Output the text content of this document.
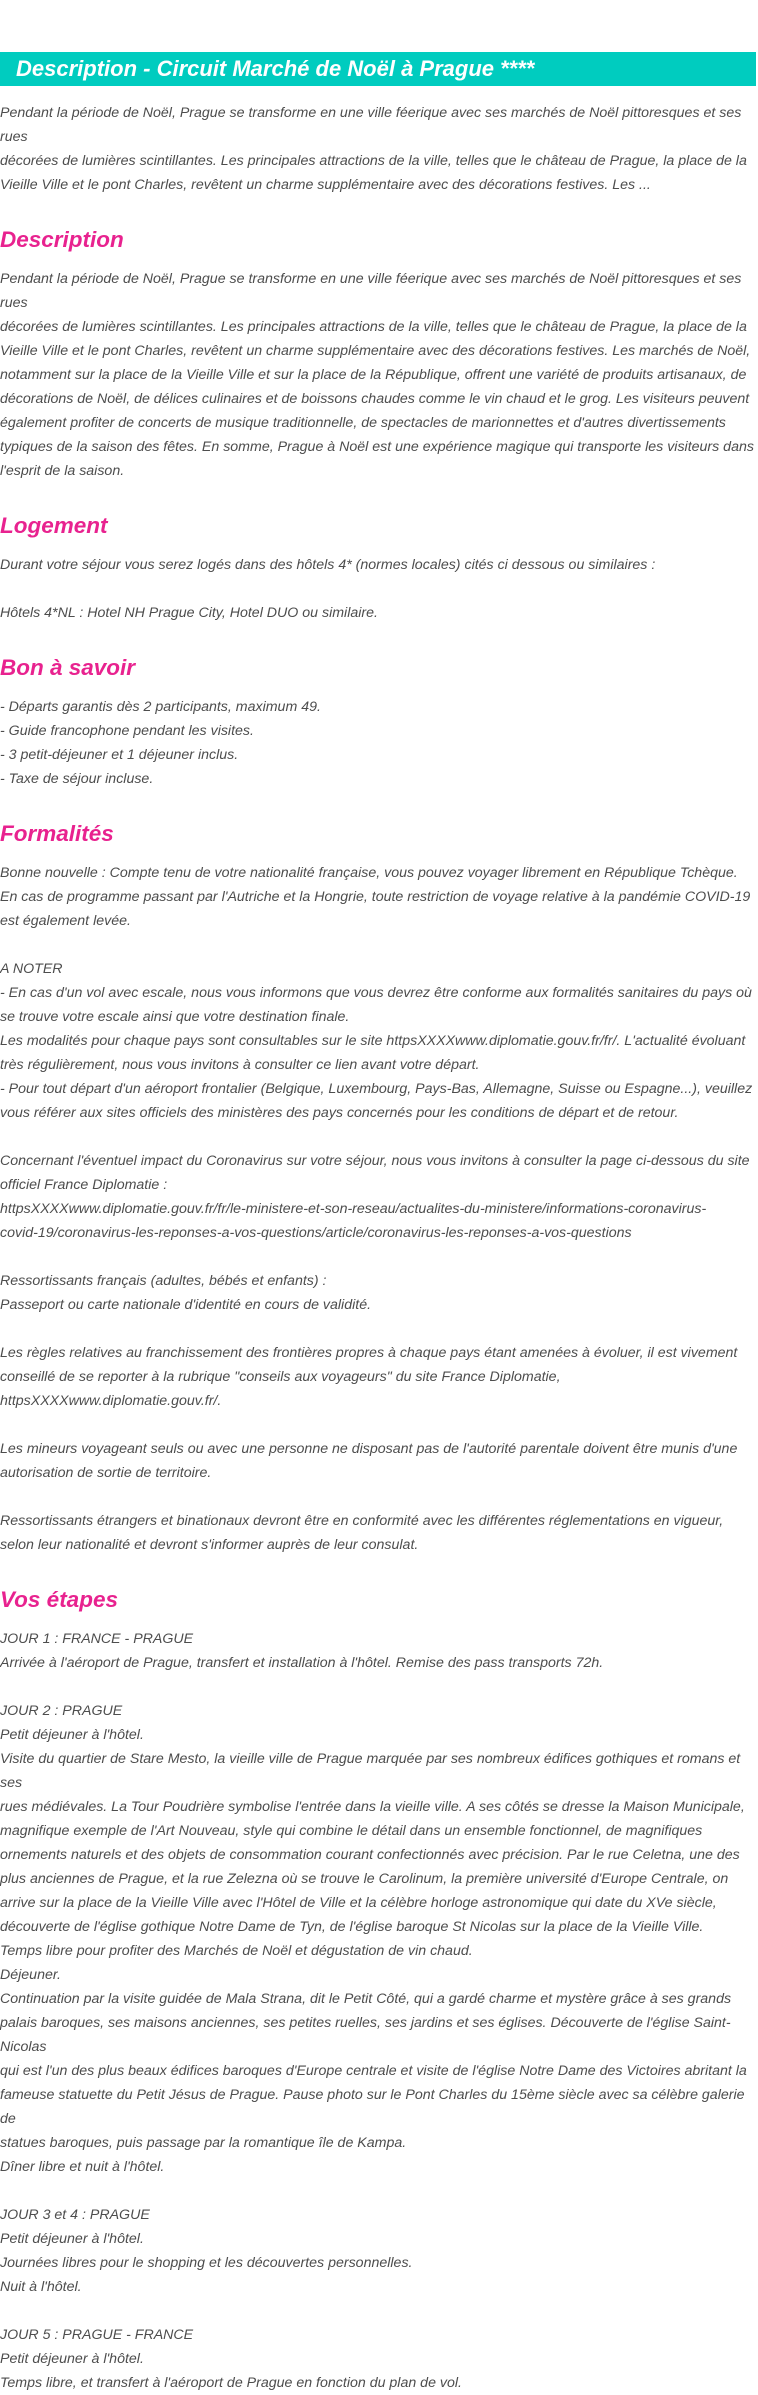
Description - Circuit Marché de Noël à Prague ****
Pendant la période de Noël, Prague se transforme en une ville féerique avec ses marchés de Noël pittoresques et ses rues
décorées de lumières scintillantes. Les principales attractions de la ville, telles que le château de Prague, la place de la
Vieille Ville et le pont Charles, revêtent un charme supplémentaire avec des décorations festives. Les ...
Description
Pendant la période de Noël, Prague se transforme en une ville féerique avec ses marchés de Noël pittoresques et ses rues
décorées de lumières scintillantes. Les principales attractions de la ville, telles que le château de Prague, la place de la
Vieille Ville et le pont Charles, revêtent un charme supplémentaire avec des décorations festives. Les marchés de Noël,
notamment sur la place de la Vieille Ville et sur la place de la République, offrent une variété de produits artisanaux, de
décorations de Noël, de délices culinaires et de boissons chaudes comme le vin chaud et le grog. Les visiteurs peuvent
également profiter de concerts de musique traditionnelle, de spectacles de marionnettes et d'autres divertissements
typiques de la saison des fêtes. En somme, Prague à Noël est une expérience magique qui transporte les visiteurs dans
l'esprit de la saison.
Logement
Durant votre séjour vous serez logés dans des hôtels 4* (normes locales) cités ci dessous ou similaires :
Hôtels 4*NL : Hotel NH Prague City, Hotel DUO ou similaire.
Bon à savoir
- Départs garantis dès 2 participants, maximum 49.
- Guide francophone pendant les visites.
- 3 petit-déjeuner et 1 déjeuner inclus.
- Taxe de séjour incluse.
Formalités
Bonne nouvelle : Compte tenu de votre nationalité française, vous pouvez voyager librement en République Tchèque.
En cas de programme passant par l'Autriche et la Hongrie, toute restriction de voyage relative à la pandémie COVID-19
est également levée.
A NOTER
- En cas d'un vol avec escale, nous vous informons que vous devrez être conforme aux formalités sanitaires du pays où
se trouve votre escale ainsi que votre destination finale.
Les modalités pour chaque pays sont consultables sur le site httpsXXXXwww.diplomatie.gouv.fr/fr/. L'actualité évoluant
très régulièrement, nous vous invitons à consulter ce lien avant votre départ.
- Pour tout départ d'un aéroport frontalier (Belgique, Luxembourg, Pays-Bas, Allemagne, Suisse ou Espagne...), veuillez
vous référer aux sites officiels des ministères des pays concernés pour les conditions de départ et de retour.
Concernant l'éventuel impact du Coronavirus sur votre séjour, nous vous invitons à consulter la page ci-dessous du site
officiel France Diplomatie :
httpsXXXXwww.diplomatie.gouv.fr/fr/le-ministere-et-son-reseau/actualites-du-ministere/informations-coronavirus-
covid-19/coronavirus-les-reponses-a-vos-questions/article/coronavirus-les-reponses-a-vos-questions
Ressortissants français (adultes, bébés et enfants) :
Passeport ou carte nationale d'identité en cours de validité.
Les règles relatives au franchissement des frontières propres à chaque pays étant amenées à évoluer, il est vivement
conseillé de se reporter à la rubrique "conseils aux voyageurs" du site France Diplomatie,
httpsXXXXwww.diplomatie.gouv.fr/.
Les mineurs voyageant seuls ou avec une personne ne disposant pas de l'autorité parentale doivent être munis d'une
autorisation de sortie de territoire.
Ressortissants étrangers et binationaux devront être en conformité avec les différentes réglementations en vigueur,
selon leur nationalité et devront s'informer auprès de leur consulat.
Vos étapes
JOUR 1 : FRANCE - PRAGUE
Arrivée à l'aéroport de Prague, transfert et installation à l'hôtel. Remise des pass transports 72h.
JOUR 2 : PRAGUE
Petit déjeuner à l'hôtel.
Visite du quartier de Stare Mesto, la vieille ville de Prague marquée par ses nombreux édifices gothiques et romans et ses
rues médiévales. La Tour Poudrière symbolise l'entrée dans la vieille ville. A ses côtés se dresse la Maison Municipale,
magnifique exemple de l'Art Nouveau, style qui combine le détail dans un ensemble fonctionnel, de magnifiques
ornements naturels et des objets de consommation courant confectionnés avec précision. Par le rue Celetna, une des
plus anciennes de Prague, et la rue Zelezna où se trouve le Carolinum, la première université d'Europe Centrale, on
arrive sur la place de la Vieille Ville avec l'Hôtel de Ville et la célèbre horloge astronomique qui date du XVe siècle,
découverte de l'église gothique Notre Dame de Tyn, de l'église baroque St Nicolas sur la place de la Vieille Ville.
Temps libre pour profiter des Marchés de Noël et dégustation de vin chaud.
Déjeuner.
Continuation par la visite guidée de Mala Strana, dit le Petit Côté, qui a gardé charme et mystère grâce à ses grands
palais baroques, ses maisons anciennes, ses petites ruelles, ses jardins et ses églises. Découverte de l'église Saint-Nicolas
qui est l'un des plus beaux édifices baroques d'Europe centrale et visite de l'église Notre Dame des Victoires abritant la
fameuse statuette du Petit Jésus de Prague. Pause photo sur le Pont Charles du 15ème siècle avec sa célèbre galerie de
statues baroques, puis passage par la romantique île de Kampa.
Dîner libre et nuit à l'hôtel.
JOUR 3 et 4 : PRAGUE
Petit déjeuner à l'hôtel.
Journées libres pour le shopping et les découvertes personnelles.
Nuit à l'hôtel.
JOUR 5 : PRAGUE - FRANCE
Petit déjeuner à l'hôtel.
Temps libre, et transfert à l'aéroport de Prague en fonction du plan de vol.
